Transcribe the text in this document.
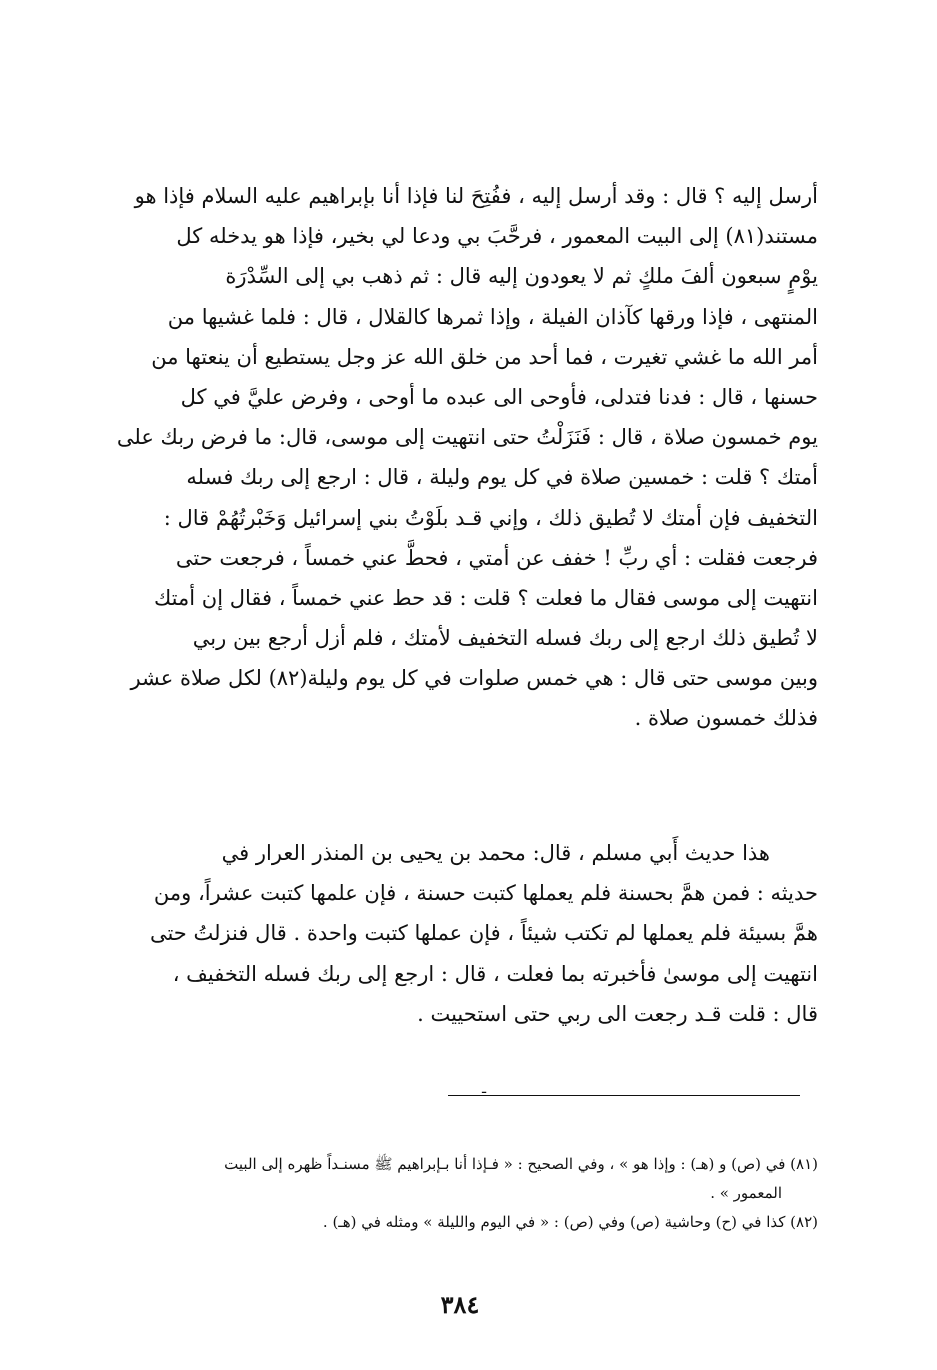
أرسل إليه ؟ قال : وقد أرسل إليه ، ففُتِحَ لنا فإذا أنا بإبراهيم عليه السلام فإذا هو
مستند(٨١) إلى البيت المعمور ، فرحَّبَ بي ودعا لي بخير، فإذا هو يدخله كل
يوْمٍ سبعون ألفَ ملكٍ ثم لا يعودون إليه قال : ثم ذهب بي إلى السِّدْرَة
المنتهى ، فإذا ورقها كآذان الفيلة ، وإذا ثمرها كالقلال ، قال : فلما غشيها من
أمر الله ما غشي تغيرت ، فما أحد من خلق الله عز وجل يستطيع أن ينعتها من
حسنها ، قال : فدنا فتدلى، فأوحى الى عبده ما أوحى ، وفرض عليَّ في كل
يوم خمسون صلاة ، قال : فَنَزَلْتُ حتى انتهيت إلى موسى، قال: ما فرض ربك على
أمتك ؟ قلت : خمسين صلاة في كل يوم وليلة ، قال : ارجع إلى ربك فسله
التخفيف فإن أمتك لا تُطيق ذلك ، وإني قـد بلَوْتُ بني إسرائيل وَخَبْرتُهُمْ قال :
فرجعت فقلت : أي ربِّ ! خفف عن أمتي ، فحطَّ عني خمساً ، فرجعت حتى
انتهيت إلى موسى فقال ما فعلت ؟ قلت : قد حط عني خمساً ، فقال إن أمتك
لا تُطيق ذلك ارجع إلى ربك فسله التخفيف لأمتك ، فلم أزل أرجع بين ربي
وبين موسى حتى قال : هي خمس صلوات في كل يوم وليلة(٨٢) لكل صلاة عشر
فذلك خمسون صلاة .
هذا حديث أَبي مسلم ، قال: محمد بن يحيى بن المنذر العرار في
حديثه : فمن همَّ بحسنة فلم يعملها كتبت حسنة ، فإن علمها كتبت عشراً، ومن
همَّ بسيئة فلم يعملها لم تكتب شيئاً ، فإن عملها كتبت واحدة . قال فنزلتُ حتى
انتهيت إلى موسىٰ فأخبرته بما فعلت ، قال : ارجع إلى ربك فسله التخفيف ،
قال : قلت قـد رجعت الى ربي حتى استحييت .
ـ
(٨١) في (ص) و (هـ) : وإذا هو » ، وفي الصحيح : « فـإذا أنا بـإبراهيم ﷺ مسنـداً ظهره إلى البيت
المعمور » .
(٨٢) كذا في (ح) وحاشية (ص) وفي (ص) : « في اليوم والليلة » ومثله في (هـ) .
٣٨٤
